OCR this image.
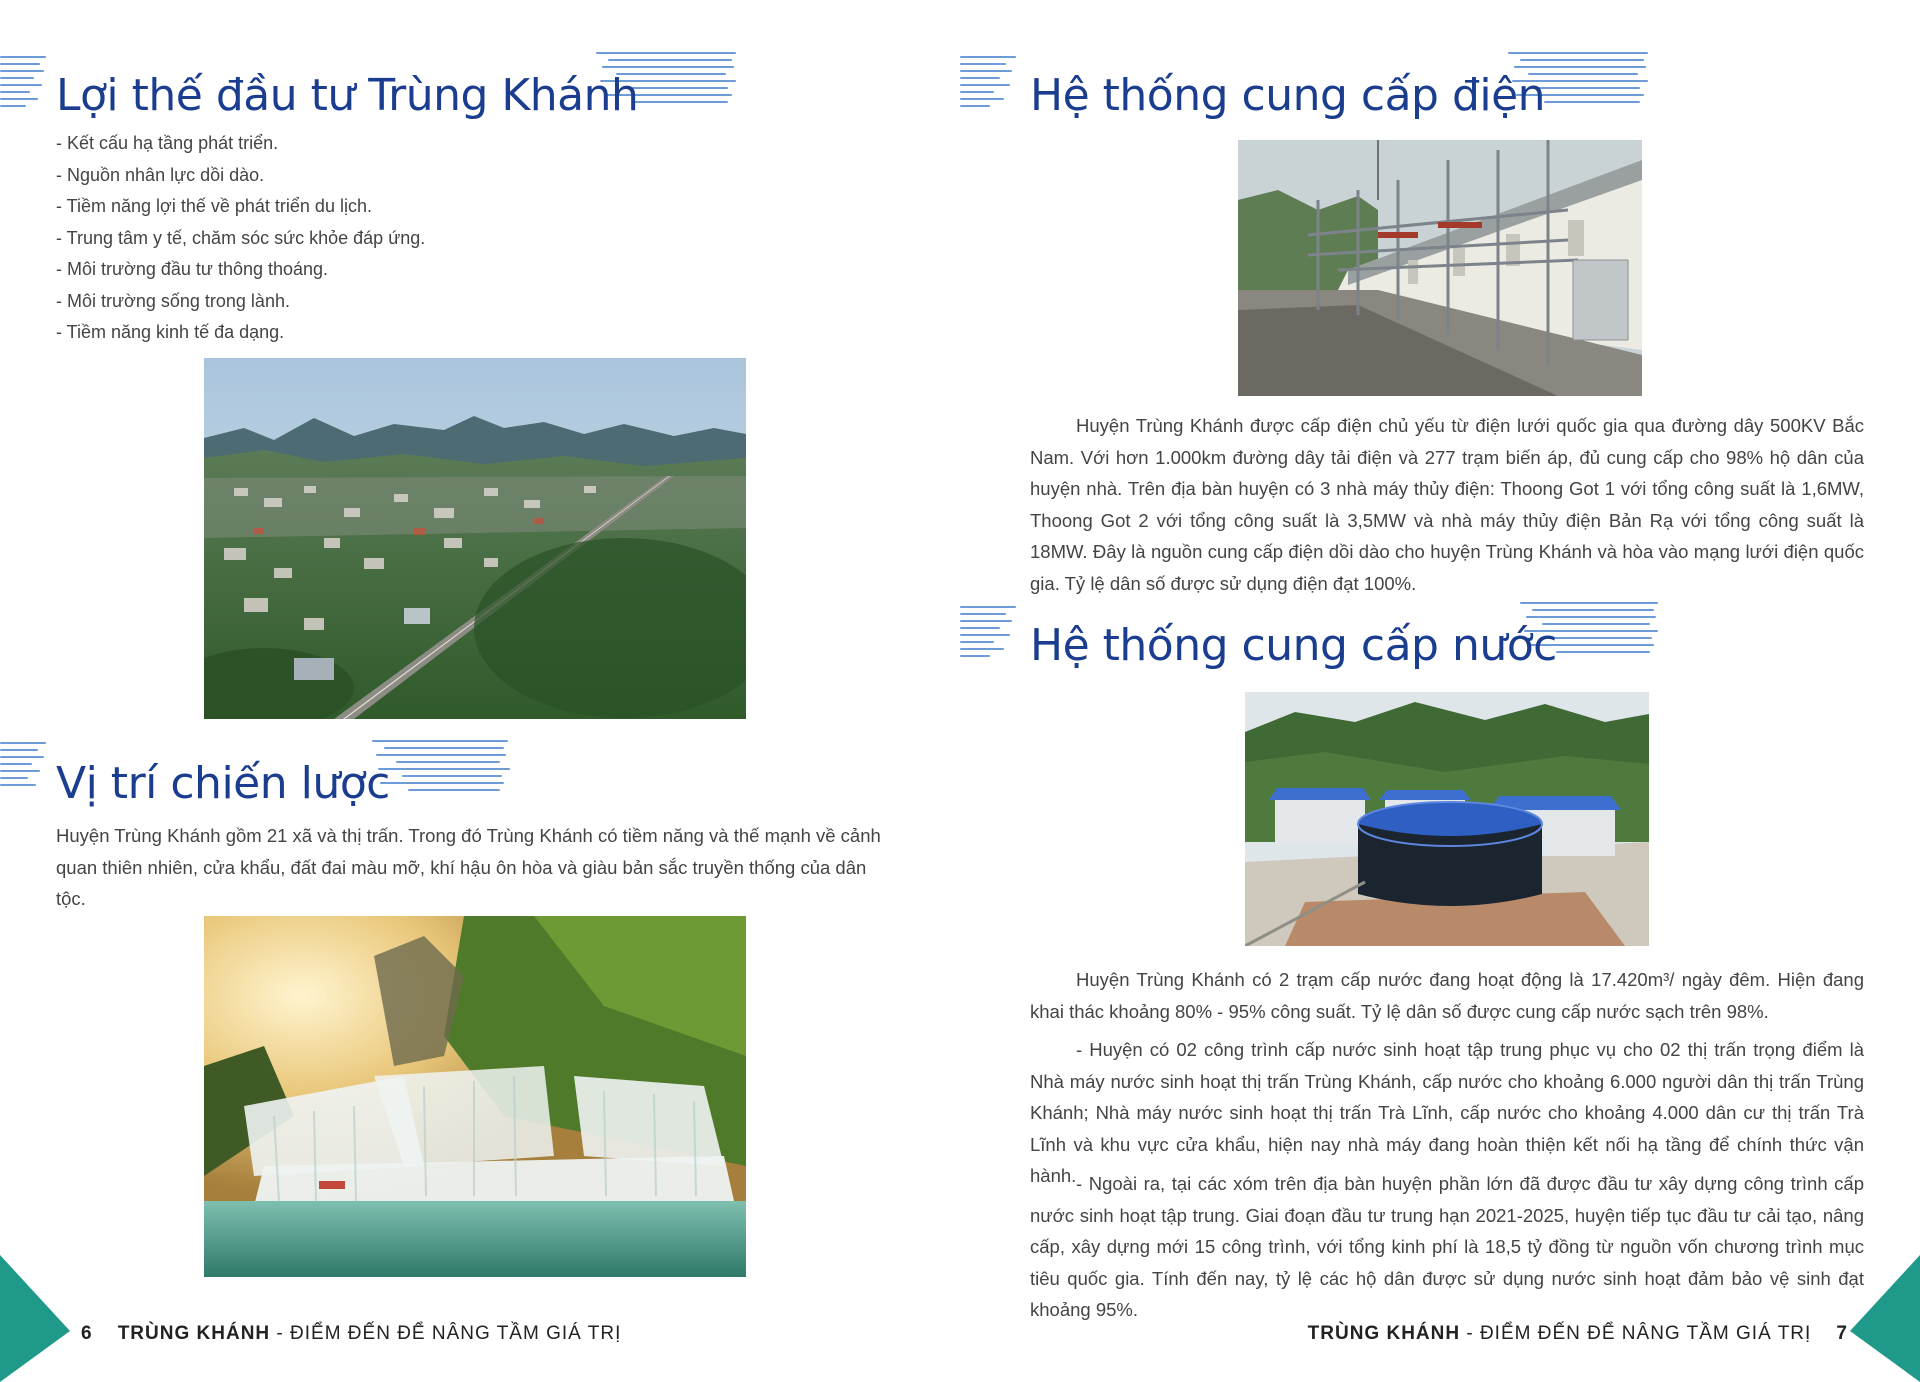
Lợi thế đầu tư Trùng Khánh
- Kết cấu hạ tầng phát triển.
- Nguồn nhân lực dồi dào.
- Tiềm năng lợi thế về phát triển du lịch.
- Trung tâm y tế, chăm sóc sức khỏe đáp ứng.
- Môi trường đầu tư thông thoáng.
- Môi trường sống trong lành.
- Tiềm năng kinh tế đa dạng.
Vị trí chiến lược

Huyện Trùng Khánh gồm 21 xã và thị trấn. Trong đó Trùng Khánh có tiềm năng và thế mạnh về cảnh quan thiên nhiên, cửa khẩu, đất đai màu mỡ, khí hậu ôn hòa và giàu bản sắc truyền thống của dân tộc.

6 TRÙNG KHÁNH - ĐIỂM ĐẾN ĐỂ NÂNG TẦM GIÁ TRỊ
Hệ thống cung cấp điện

Huyện Trùng Khánh được cấp điện chủ yếu từ điện lưới quốc gia qua đường dây 500KV Bắc Nam. Với hơn 1.000km đường dây tải điện và 277 trạm biến áp, đủ cung cấp cho 98% hộ dân của huyện nhà. Trên địa bàn huyện có 3 nhà máy thủy điện: Thoong Got 1 với tổng công suất là 1,6MW, Thoong Got 2 với tổng công suất là 3,5MW và nhà máy thủy điện Bản Rạ với tổng công suất là 18MW. Đây là nguồn cung cấp điện dồi dào cho huyện Trùng Khánh và hòa vào mạng lưới điện quốc gia. Tỷ lệ dân số được sử dụng điện đạt 100%.

Hệ thống cung cấp nước

Huyện Trùng Khánh có 2 trạm cấp nước đang hoạt động là 17.420m³/ ngày đêm. Hiện đang khai thác khoảng 80% - 95% công suất. Tỷ lệ dân số được cung cấp nước sạch trên 98%.

- Huyện có 02 công trình cấp nước sinh hoạt tập trung phục vụ cho 02 thị trấn trọng điểm là Nhà máy nước sinh hoạt thị trấn Trùng Khánh, cấp nước cho khoảng 6.000 người dân thị trấn Trùng Khánh; Nhà máy nước sinh hoạt thị trấn Trà Lĩnh, cấp nước cho khoảng 4.000 dân cư thị trấn Trà Lĩnh và khu vực cửa khẩu, hiện nay nhà máy đang hoàn thiện kết nối hạ tầng để chính thức vận hành. - Ngoài ra, tại các xóm trên địa bàn huyện phần lớn đã được đầu tư xây dựng công trình cấp nước sinh hoạt tập trung. Giai đoạn đầu tư trung hạn 2021-2025, huyện tiếp tục đầu tư cải tạo, nâng cấp, xây dựng mới 15 công trình, với tổng kinh phí là 18,5 tỷ đồng từ nguồn vốn chương trình mục tiêu quốc gia. Tính đến nay, tỷ lệ các hộ dân được sử dụng nước sinh hoạt đảm bảo vệ sinh đạt khoảng 95%.

TRÙNG KHÁNH - ĐIỂM ĐẾN ĐỂ NÂNG TẦM GIÁ TRỊ 7
